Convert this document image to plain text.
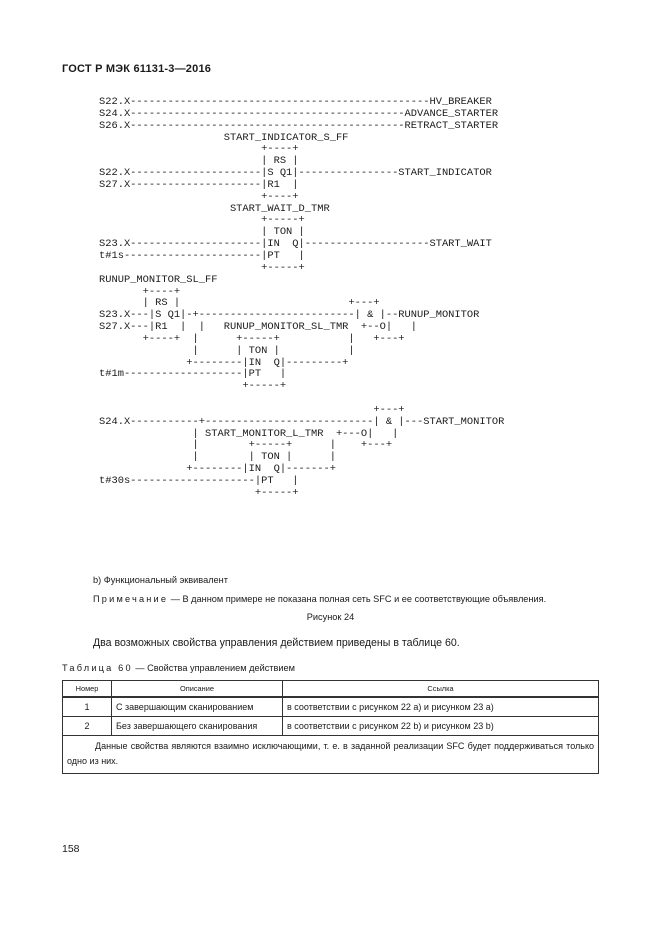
ГОСТ Р МЭК 61131-3—2016
S22.X------------------------------------------------HV_BREAKER
S24.X--------------------------------------------ADVANCE_STARTER
S26.X--------------------------------------------RETRACT_STARTER
START_INDICATOR_S_FF
+----+
| RS |
S22.X---------------------|S Q1|----------------START_INDICATOR
S27.X---------------------|R1  |
+----+
START_WAIT_D_TMR
+-----+
| TON |
S23.X---------------------|IN  Q|--------------------START_WAIT
t#1s----------------------|PT   |
+-----+
RUNUP_MONITOR_SL_FF
+----+
| RS |                           +---+
S23.X---|S Q1|-+-------------------------| & |--RUNUP_MONITOR
S27.X---|R1  |  |   RUNUP_MONITOR_SL_TMR  +--O|   |
+----+  |      +-----+           |   +---+
|      | TON |           |
+--------|IN  Q|---------+
t#1m-------------------|PT   |
+-----+

+---+
S24.X-----------+---------------------------| & |---START_MONITOR
| START_MONITOR_L_TMR  +---O|   |
|        +-----+      |    +---+
|        | TON |      |
+--------|IN  Q|-------+
t#30s--------------------|PT   |
+-----+

b) Функциональный эквивалент
Примечание — В данном примере не показана полная сеть SFC и ее соответствующие объявления.
Рисунок 24
Два возможных свойства управления действием приведены в таблице 60.
Таблица 60 — Свойства управлением действием
Номер	Описание	Ссылка
1	С завершающим сканированием	в соответствии с рисунком 22 а) и рисунком 23 а)
2	Без завершающего сканирования	в соответствии с рисунком 22 b) и рисунком 23 b)
Данные свойства являются взаимно исключающими, т. е. в заданной реализации SFC будет поддерживаться только одно из них.		
158
